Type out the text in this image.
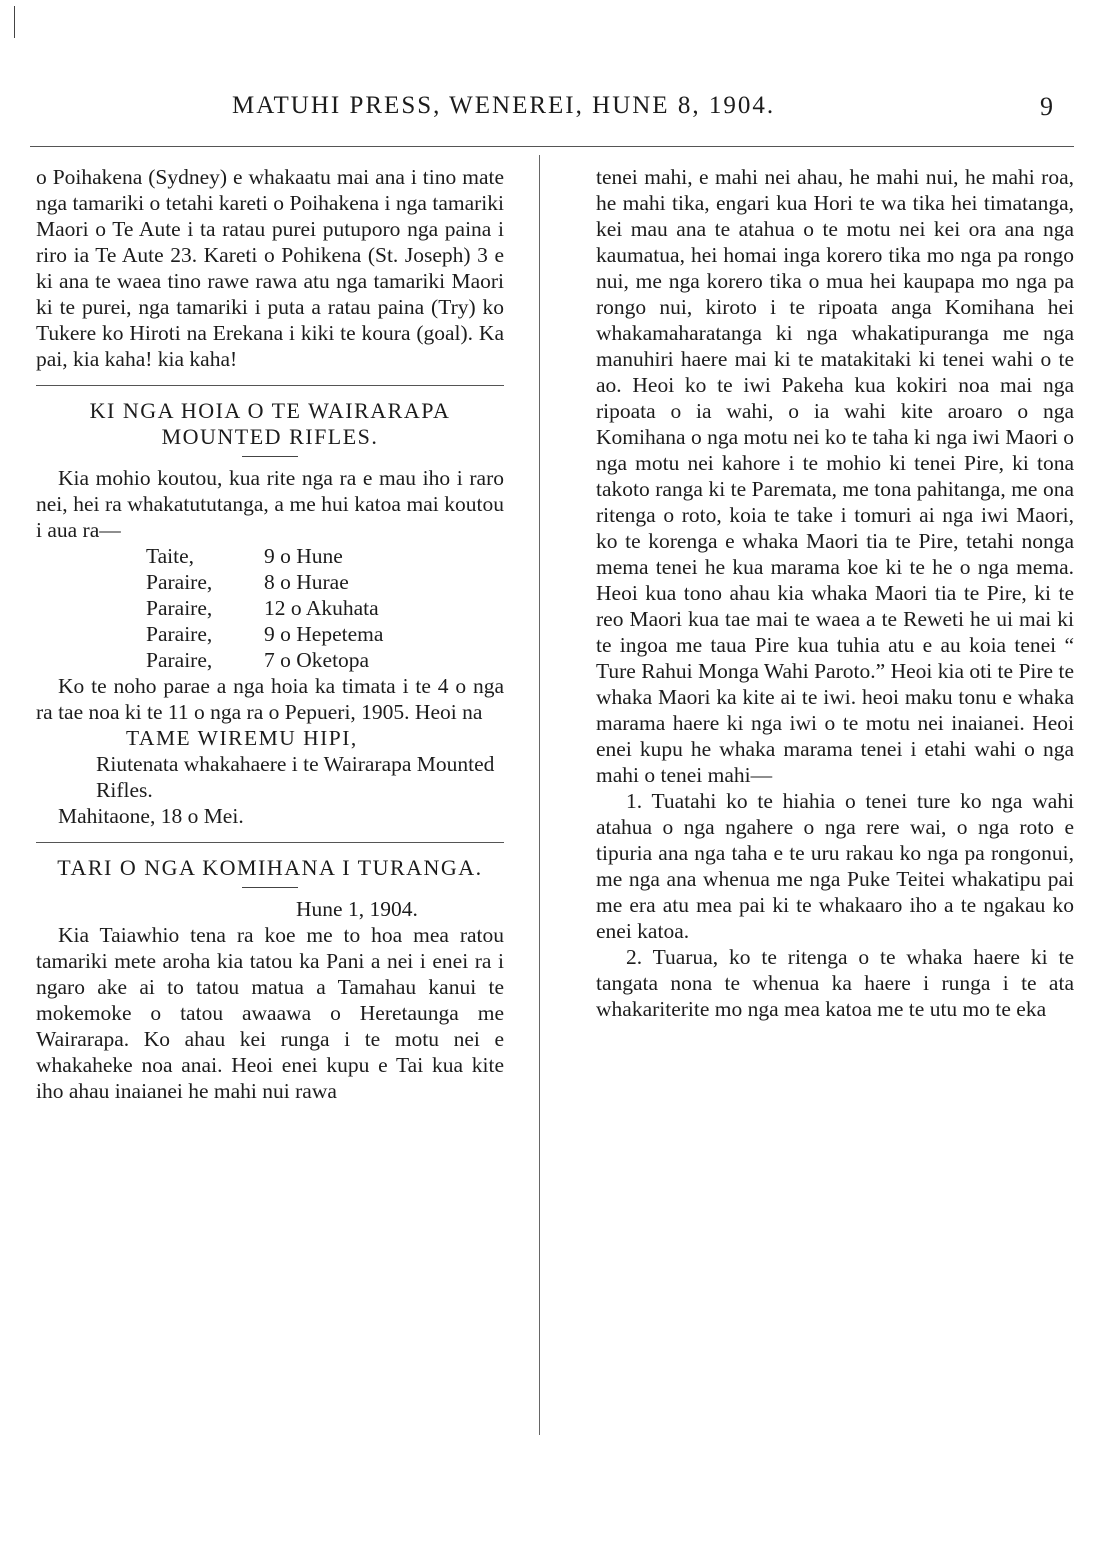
MATUHI PRESS, WENEREI, HUNE 8, 1904.	9

o Poihakena (Sydney) e whakaatu mai ana i tino mate nga tamariki o tetahi kareti o Poihakena i nga tamariki Maori o Te Aute i ta ratau purei putuporo nga paina i riro ia Te Aute 23. Kareti o Pohikena (St. Joseph) 3 e ki ana te waea tino rawe rawa atu nga tamariki Maori ki te purei, nga tamariki i puta a ratau paina (Try) ko Tukere ko Hiroti na Erekana i kiki te koura (goal). Ka pai, kia kaha! kia kaha!

KI NGA HOIA O TE WAIRARAPA MOUNTED RIFLES.

Kia mohio koutou, kua rite nga ra e mau iho i raro nei, hei ra whakatututanga, a me hui katoa mai koutou i aua ra—

Taite,	9 o Hune
Paraire,	8 o Hurae
Paraire,	12 o Akuhata
Paraire,	9 o Hepetema
Paraire,	7 o Oketopa

Ko te noho parae a nga hoia ka timata i te 4 o nga ra tae noa ki te 11 o nga ra o Pepueri, 1905. Heoi na

TAME WIREMU HIPI,
Riutenata whakahaere i te Wairarapa Mounted Rifles.
Mahitaone, 18 o Mei.
TARI O NGA KOMIHANA I TURANGA.
Hune 1, 1904.

Kia Taiawhio tena ra koe me to hoa mea ratou tamariki mete aroha kia tatou ka Pani a nei i enei ra i ngaro ake ai to tatou matua a Tamahau kanui te mokemoke o tatou awaawa o Heretaunga me Wairarapa. Ko ahau kei runga i te motu nei e whakaheke noa anai. Heoi enei kupu e Tai kua kite iho ahau inaianei he mahi nui rawa

tenei mahi, e mahi nei ahau, he mahi nui, he mahi roa, he mahi tika, engari kua Hori te wa tika hei timatanga, kei mau ana te atahua o te motu nei kei ora ana nga kaumatua, hei homai inga korero tika mo nga pa rongo nui, me nga korero tika o mua hei kaupapa mo nga pa rongo nui, kiroto i te ripoata anga Komihana hei whakamaharatanga ki nga whakatipuranga me nga manuhiri haere mai ki te matakitaki ki tenei wahi o te ao. Heoi ko te iwi Pakeha kua kokiri noa mai nga ripoata o ia wahi, o ia wahi kite aroaro o nga Komihana o nga motu nei ko te taha ki nga iwi Maori o nga motu nei kahore i te mohio ki tenei Pire, ki tona takoto ranga ki te Paremata, me tona pahitanga, me ona ritenga o roto, koia te take i tomuri ai nga iwi Maori, ko te korenga e whaka Maori tia te Pire, tetahi nonga mema tenei he kua marama koe ki te he o nga mema. Heoi kua tono ahau kia whaka Maori tia te Pire, ki te reo Maori kua tae mai te waea a te Reweti he ui mai ki te ingoa me taua Pire kua tuhia atu e au koia tenei “ Ture Rahui Monga Wahi Paroto.” Heoi kia oti te Pire te whaka Maori ka kite ai te iwi. heoi maku tonu e whaka marama haere ki nga iwi o te motu nei inaianei. Heoi enei kupu he whaka marama tenei i etahi wahi o nga mahi o tenei mahi—

1. Tuatahi ko te hiahia o tenei ture ko nga wahi atahua o nga ngahere o nga rere wai, o nga roto e tipuria ana nga taha e te uru rakau ko nga pa rongonui, me nga ana whenua me nga Puke Teitei whakatipu pai me era atu mea pai ki te whakaaro iho a te ngakau ko enei katoa.

2. Tuarua, ko te ritenga o te whaka haere ki te tangata nona te whenua ka haere i runga i te ata whakariterite mo nga mea katoa me te utu mo te eka
